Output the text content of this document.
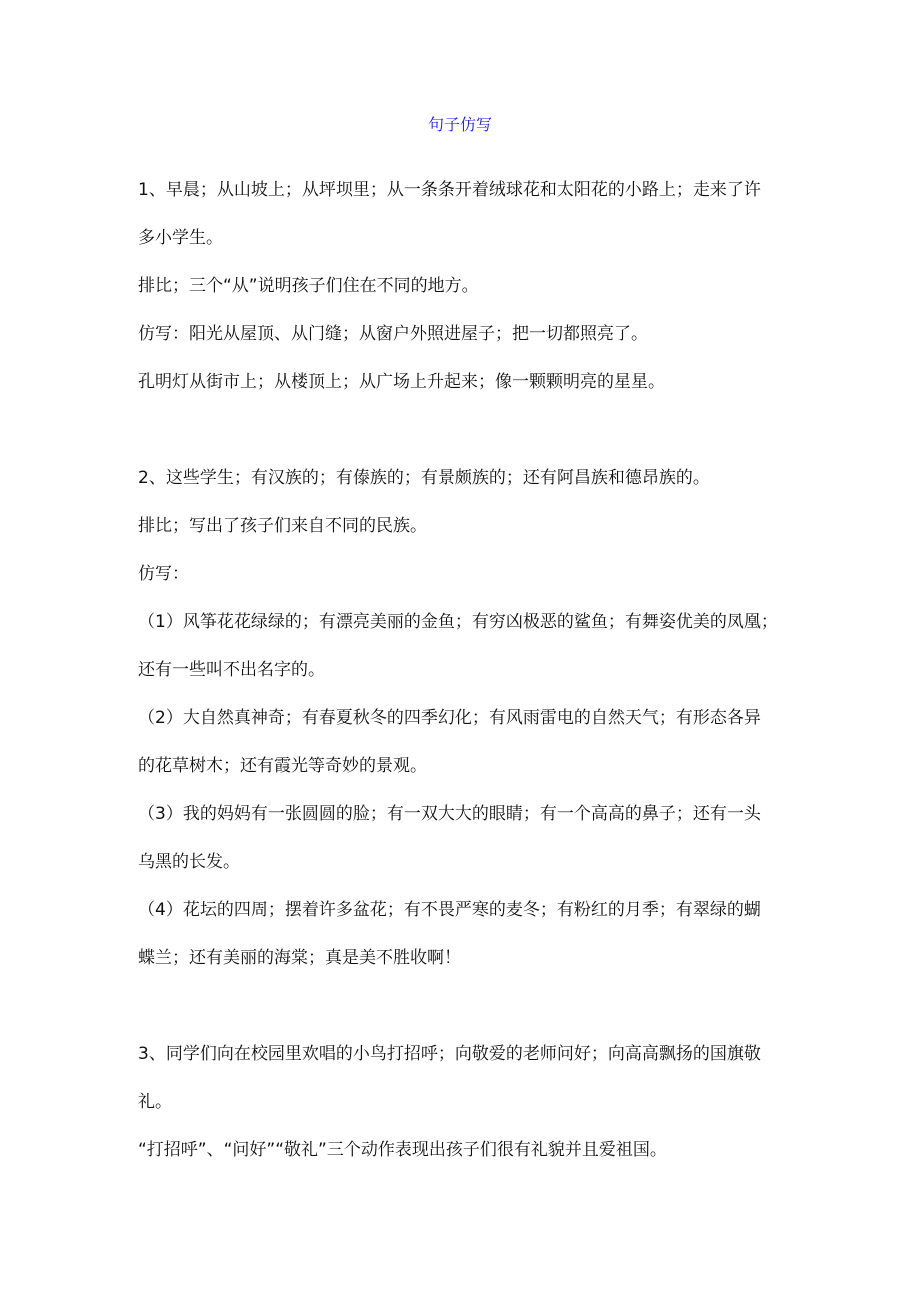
句子仿写
1、早晨；从山坡上；从坪坝里；从一条条开着绒球花和太阳花的小路上；走来了许
多小学生。
排比；三个“从”说明孩子们住在不同的地方。
仿写：阳光从屋顶、从门缝；从窗户外照进屋子；把一切都照亮了。
孔明灯从街市上；从楼顶上；从广场上升起来；像一颗颗明亮的星星。
2、这些学生；有汉族的；有傣族的；有景颇族的；还有阿昌族和德昂族的。
排比；写出了孩子们来自不同的民族。
仿写：
（1）风筝花花绿绿的；有漂亮美丽的金鱼；有穷凶极恶的鲨鱼；有舞姿优美的凤凰；
还有一些叫不出名字的。
（2）大自然真神奇；有春夏秋冬的四季幻化；有风雨雷电的自然天气；有形态各异
的花草树木；还有霞光等奇妙的景观。
（3）我的妈妈有一张圆圆的脸；有一双大大的眼睛；有一个高高的鼻子；还有一头
乌黑的长发。
（4）花坛的四周；摆着许多盆花；有不畏严寒的麦冬；有粉红的月季；有翠绿的蝴
蝶兰；还有美丽的海棠；真是美不胜收啊！
3、同学们向在校园里欢唱的小鸟打招呼；向敬爱的老师问好；向高高飘扬的国旗敬
礼。
“打招呼”、“问好”“敬礼”三个动作表现出孩子们很有礼貌并且爱祖国。
